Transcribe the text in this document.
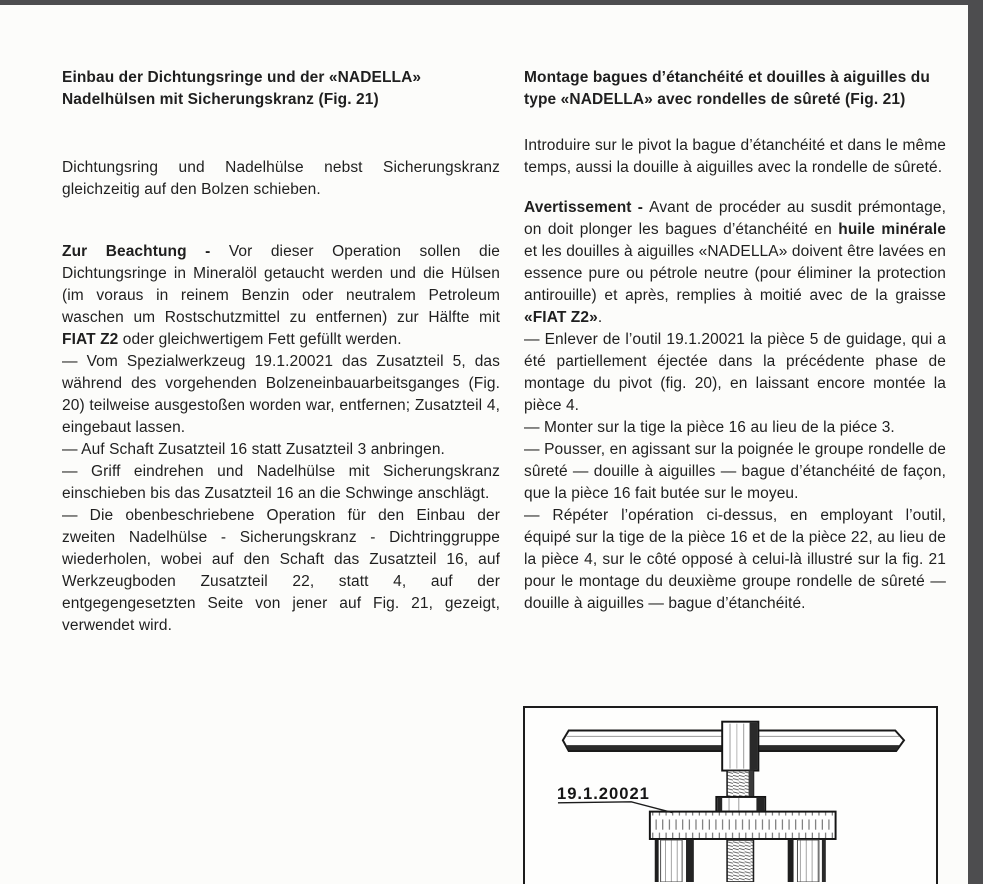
Einbau der Dichtungsringe und der «NADELLA» Nadelhülsen mit Sicherungskranz (Fig. 21)

Dichtungsring und Nadelhülse nebst Sicherungskranz gleichzeitig auf den Bolzen schieben.

Zur Beachtung - Vor dieser Operation sollen die Dichtungsringe in Mineralöl getaucht werden und die Hülsen (im voraus in reinem Benzin oder neutralem Petroleum waschen um Rostschutzmittel zu entfernen) zur Hälfte mit FIAT Z2 oder gleichwertigem Fett gefüllt werden.

— Vom Spezialwerkzeug 19.1.20021 das Zusatzteil 5, das während des vorgehenden Bolzeneinbauarbeitsganges (Fig. 20) teilweise ausgestoßen worden war, entfernen; Zusatzteil 4, eingebaut lassen.

— Auf Schaft Zusatzteil 16 statt Zusatzteil 3 anbringen.

— Griff eindrehen und Nadelhülse mit Sicherungskranz einschieben bis das Zusatzteil 16 an die Schwinge anschlägt.

— Die obenbeschriebene Operation für den Einbau der zweiten Nadelhülse - Sicherungskranz - Dichtringgruppe wiederholen, wobei auf den Schaft das Zusatzteil 16, auf Werkzeugboden Zusatzteil 22, statt 4, auf der entgegengesetzten Seite von jener auf Fig. 21, gezeigt, verwendet wird.

Montage bagues d’étanchéité et douilles à aiguilles du type «NADELLA» avec rondelles de sûreté (Fig. 21)

Introduire sur le pivot la bague d’étanchéité et dans le même temps, aussi la douille à aiguilles avec la rondelle de sûreté.

Avertissement - Avant de procéder au susdit prémontage, on doit plonger les bagues d’étanchéité en huile minérale et les douilles à aiguilles «NADELLA» doivent être lavées en essence pure ou pétrole neutre (pour éliminer la protection antirouille) et après, remplies à moitié avec de la graisse «FIAT Z2».

— Enlever de l’outil 19.1.20021 la pièce 5 de guidage, qui a été partiellement éjectée dans la précédente phase de montage du pivot (fig. 20), en laissant encore montée la pièce 4.

— Monter sur la tige la pièce 16 au lieu de la piéce 3.

— Pousser, en agissant sur la poignée le groupe rondelle de sûreté — douille à aiguilles — bague d’étanchéité de façon, que la pièce 16 fait butée sur le moyeu.

— Répéter l’opération ci-dessus, en employant l’outil, équipé sur la tige de la pièce 16 et de la pièce 22, au lieu de la pièce 4, sur le côté opposé à celui-là illustré sur la fig. 21 pour le montage du deuxième groupe rondelle de sûreté — douille à aiguilles — bague d’étanchéité.

19.1.20021
